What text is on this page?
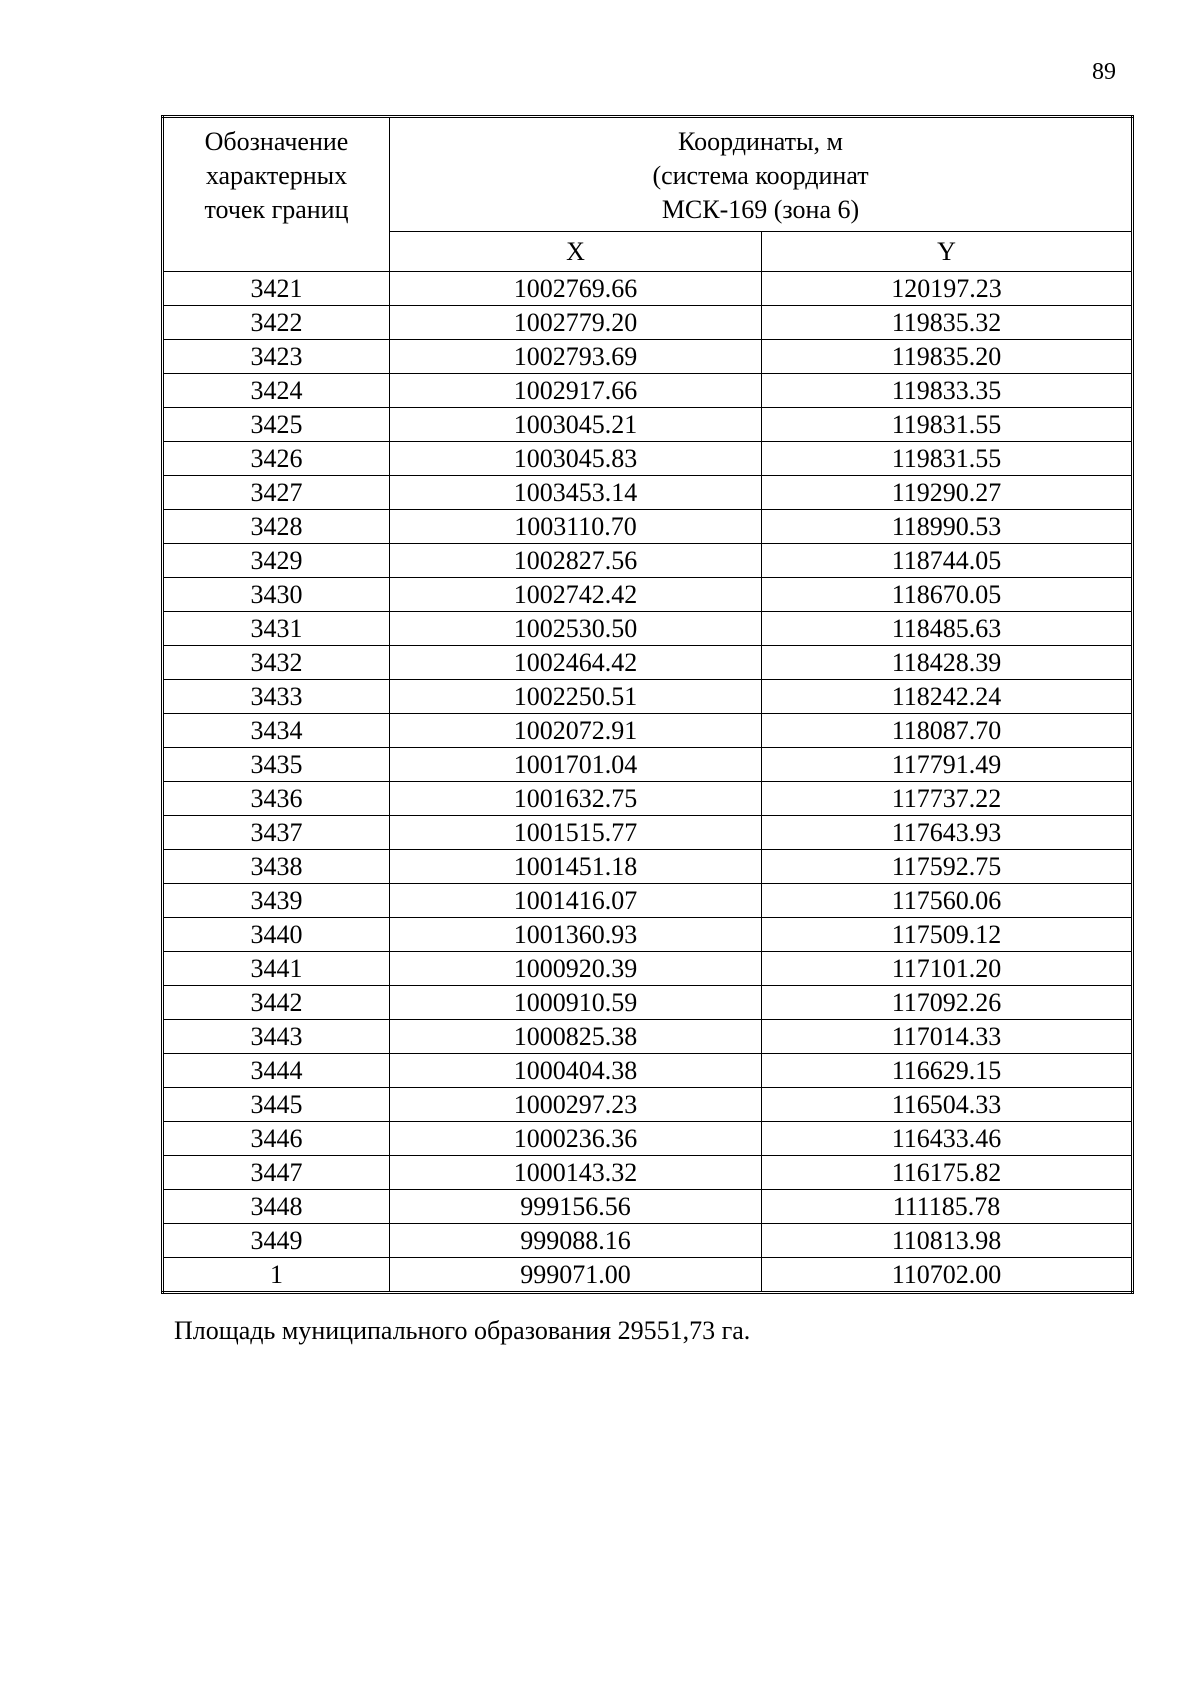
89
Обозначение
характерных
точек границ	Координаты, м
(система координат
МСК-169 (зона 6)	

	X	Y
3421	1002769.66	120197.23
3422	1002779.20	119835.32
3423	1002793.69	119835.20
3424	1002917.66	119833.35
3425	1003045.21	119831.55
3426	1003045.83	119831.55
3427	1003453.14	119290.27
3428	1003110.70	118990.53
3429	1002827.56	118744.05
3430	1002742.42	118670.05
3431	1002530.50	118485.63
3432	1002464.42	118428.39
3433	1002250.51	118242.24
3434	1002072.91	118087.70
3435	1001701.04	117791.49
3436	1001632.75	117737.22
3437	1001515.77	117643.93
3438	1001451.18	117592.75
3439	1001416.07	117560.06
3440	1001360.93	117509.12
3441	1000920.39	117101.20
3442	1000910.59	117092.26
3443	1000825.38	117014.33
3444	1000404.38	116629.15
3445	1000297.23	116504.33
3446	1000236.36	116433.46
3447	1000143.32	116175.82
3448	999156.56	111185.78
3449	999088.16	110813.98
1	999071.00	110702.00
Площадь муниципального образования 29551,73 га.
